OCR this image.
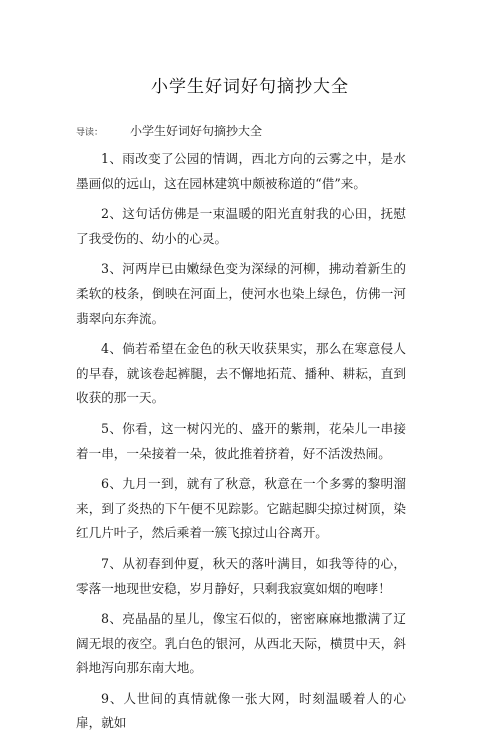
小学生好词好句摘抄大全
导读： 小学生好词好句摘抄大全

1、雨改变了公园的情调，西北方向的云雾之中，是水墨画似的远山，这在园林建筑中颇被称道的“借”来。

2、这句话仿佛是一束温暖的阳光直射我的心田，抚慰了我受伤的、幼小的心灵。

3、河两岸已由嫩绿色变为深绿的河柳，拂动着新生的柔软的枝条，倒映在河面上，使河水也染上绿色，仿佛一河翡翠向东奔流。

4、倘若希望在金色的秋天收获果实，那么在寒意侵人的早春，就该卷起裤腿，去不懈地拓荒、播种、耕耘，直到收获的那一天。

5、你看，这一树闪光的、盛开的紫荆，花朵儿一串接着一串，一朵接着一朵，彼此推着挤着，好不活泼热闹。

6、九月一到，就有了秋意，秋意在一个多雾的黎明溜来，到了炎热的下午便不见踪影。它踮起脚尖掠过树顶，染红几片叶子，然后乘着一簇飞掠过山谷离开。

7、从初春到仲夏，秋天的落叶满目，如我等待的心，零落一地现世安稳，岁月静好，只剩我寂寞如烟的咆哮！

8、亮晶晶的星儿，像宝石似的，密密麻麻地撒满了辽阔无垠的夜空。乳白色的银河，从西北天际，横贯中天，斜斜地泻向那东南大地。

9、人世间的真情就像一张大网，时刻温暖着人的心扉，就如
